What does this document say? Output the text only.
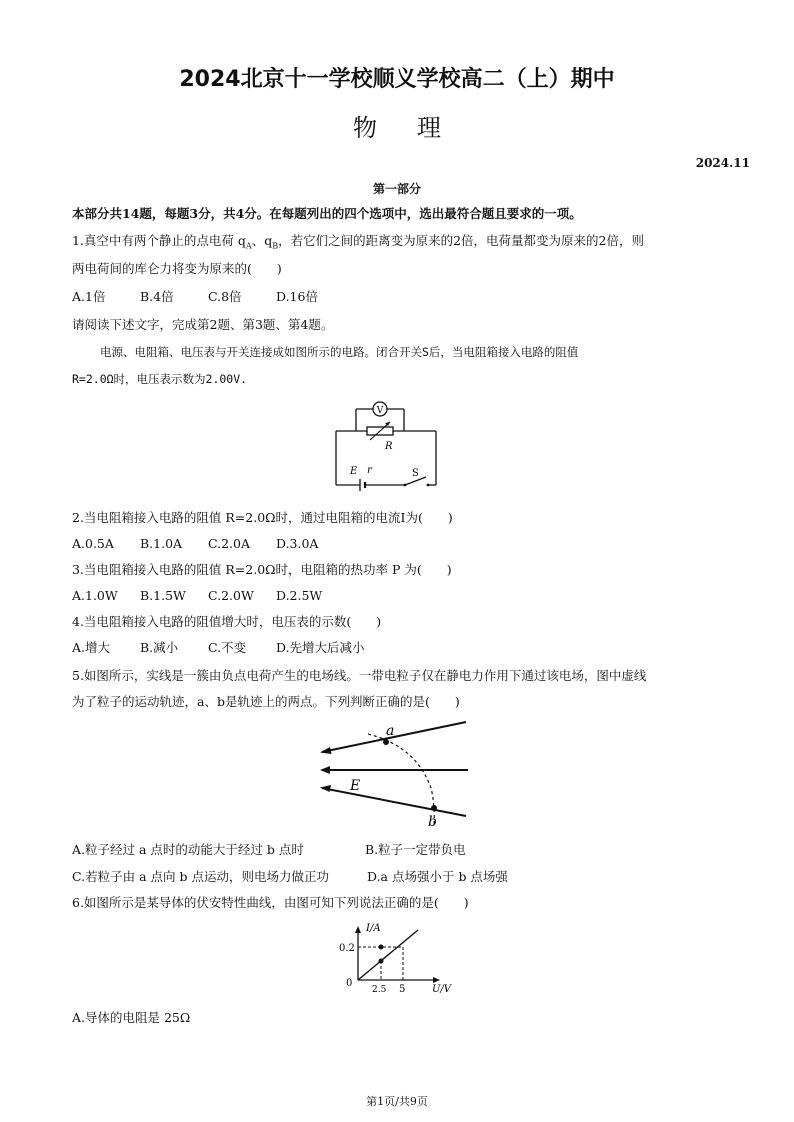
2024北京十一学校顺义学校高二（上）期中
物理
2024.11
第一部分
本部分共14题，每题3分，共4分。在每题列出的四个选项中，选出最符合题且要求的一项。
1.真空中有两个静止的点电荷 $q_A$、$q_B$，若它们之间的距离变为原来的2倍，电荷量都变为原来的2倍，则
两电荷间的库仑力将变为原来的(　　)
A.1倍	B.4倍	C.8倍	D.16倍
请阅读下述文字，完成第2题、第3题、第4题。
电源、电阻箱、电压表与开关连接成如图所示的电路。闭合开关S后，当电阻箱接入电路的阻值
R=2.0Ω时，电压表示数为2.00V.
V
R
E r	S
2.当电阻箱接入电路的阻值 R=2.0Ω时，通过电阻箱的电流I为(　　)
A.0.5A B.1.0A C.2.0A D.3.0A
3.当电阻箱接入电路的阻值 R=2.0Ω时，电阻箱的热功率 P 为(　　)
A.1.0W B.1.5W C.2.0W D.2.5W
4.当电阻箱接入电路的阻值增大时，电压表的示数(　　)
A.增大 B.减小 C.不变 D.先增大后减小
5.如图所示，实线是一簇由负点电荷产生的电场线。一带电粒子仅在静电力作用下通过该电场，图中虚线
为了粒子的运动轨迹，a、b是轨迹上的两点。下列判断正确的是(　　)
a
b
E
A.粒子经过 a 点时的动能大于经过 b 点时	B.粒子一定带负电
C.若粒子由 a 点向 b 点运动，则电场力做正功	D.a 点场强小于 b 点场强
6.如图所示是某导体的伏安特性曲线，由图可知下列说法正确的是(　　)
I/A
0.2
0
2.5 5	U/V
A.导体的电阻是 25Ω
第1页/共9页
